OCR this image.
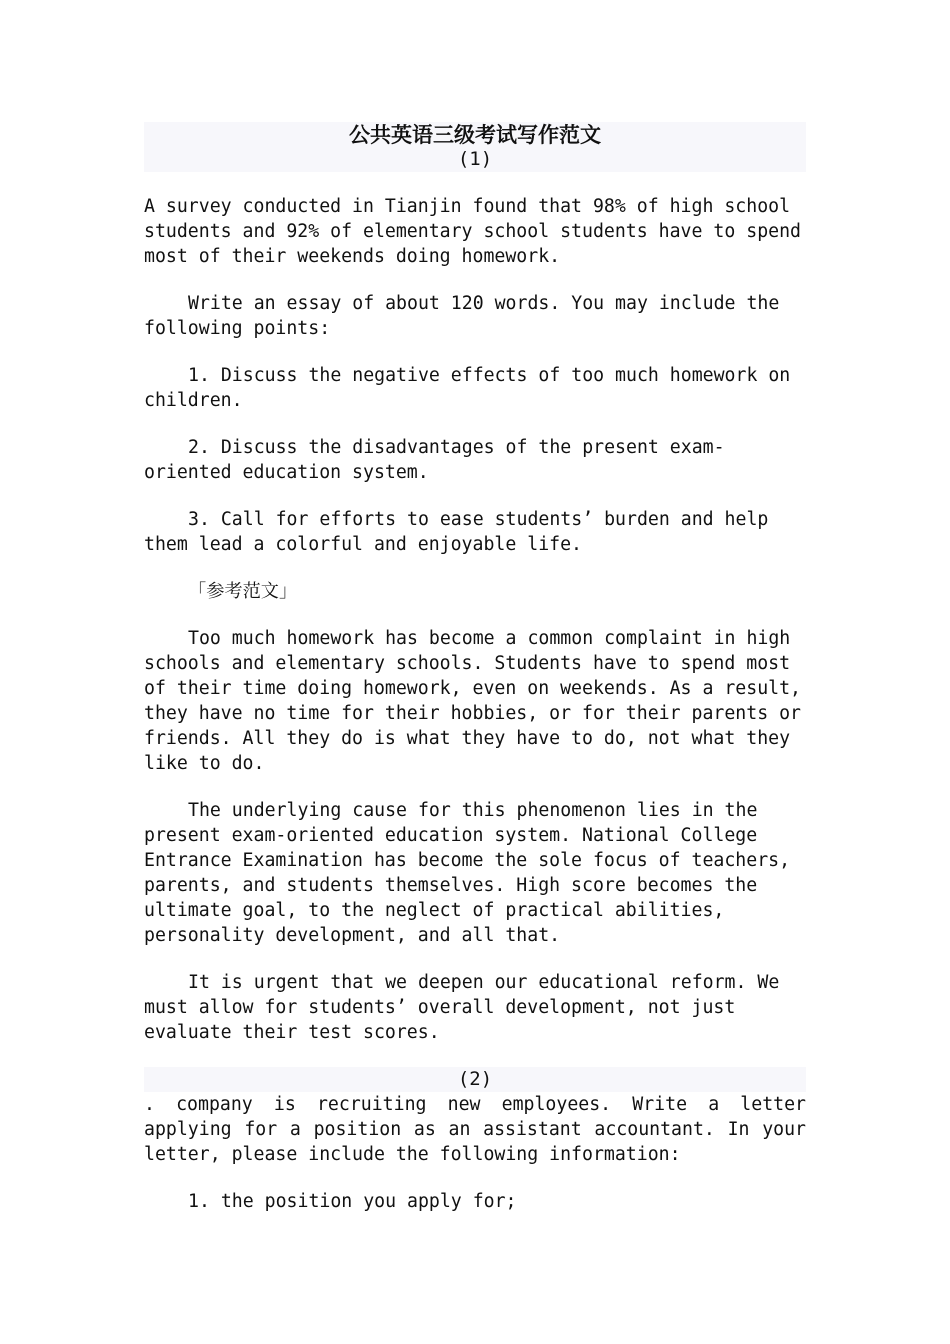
公共英语三级考试写作范文
(1)

A survey conducted in Tianjin found that 98% of high school students and 92% of elementary school students have to spend most of their weekends doing homework.

Write an essay of about 120 words. You may include the following points:

1. Discuss the negative effects of too much homework on children.

2. Discuss the disadvantages of the present exam-oriented education system.

3. Call for efforts to ease students’ burden and help them lead a colorful and enjoyable life.

「参考范文」

Too much homework has become a common complaint in high schools and elementary schools. Students have to spend most of their time doing homework, even on weekends. As a result, they have no time for their hobbies, or for their parents or friends. All they do is what they have to do, not what they like to do.

The underlying cause for this phenomenon lies in the present exam-oriented education system. National College Entrance Examination has become the sole focus of teachers, parents, and students themselves. High score becomes the ultimate goal, to the neglect of practical abilities, personality development, and all that.

It is urgent that we deepen our educational reform. We must allow for students’ overall development, not just evaluate their test scores.

(2)

. company is recruiting new employees. Write a letter applying for a position as an assistant accountant. In your letter, please include the following information:

1. the position you apply for;
